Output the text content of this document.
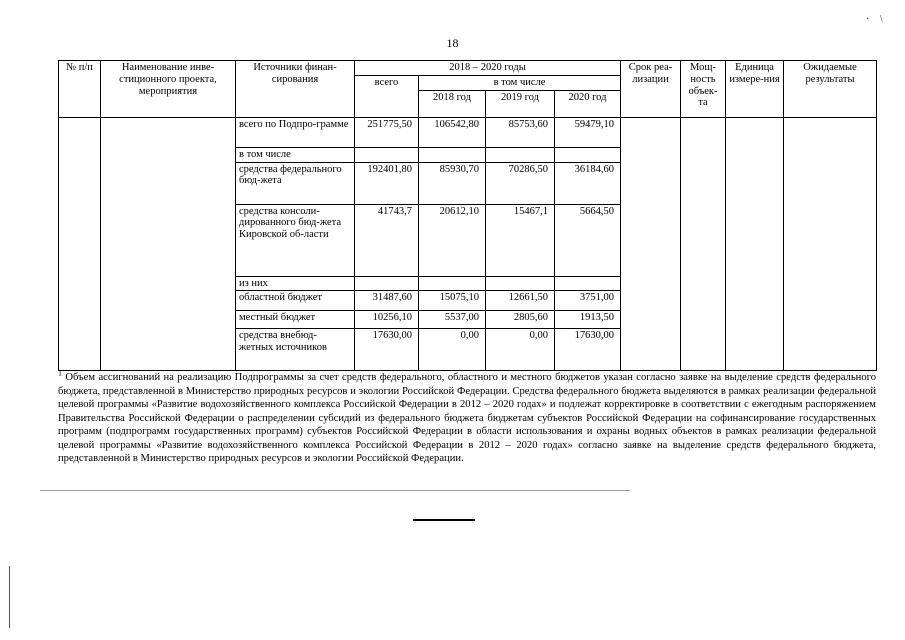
· \
18
№ п/п	Наименование инве-стиционного проекта, мероприятия	Источники финан-сирования	2018 – 2020 годы				Срок реа-лизации	Мощ-ность объек-та	Единица измере-ния	Ожидаемые результаты
			всего	в том числе						
				2018 год	2019 год	2020 год				
		всего по Подпро-грамме	251775,50	106542,80	85753,60	59479,10				
		в том числе								
		средства федерального бюд-жета	192401,80	85930,70	70286,50	36184,60				
		средства консоли-дированного бюд-жета Кировской об-ласти	41743,7	20612,10	15467,1	5664,50				
		из них								
		областной бюджет	31487,60	15075,10	12661,50	3751,00				
		местный бюджет	10256,10	5537,00	2805,60	1913,50				
		средства внебюд-жетных источников	17630,00	0,00	0,00	17630,00				
$^1$ Объем ассигнований на реализацию Подпрограммы за счет средств федерального, областного и местного бюджетов указан согласно заявке на выделение средств федерального бюджета, представленной в Министерство природных ресурсов и экологии Российской Федерации. Средства федерального бюджета выделяются в рамках реализации федеральной целевой программы «Развитие водохозяйственного комплекса Российской Федерации в 2012 – 2020 годах» и подлежат корректировке в соответствии с ежегодным распоряжением Правительства Российской Федерации о распределении субсидий из федерального бюджета бюджетам субъектов Российской Федерации на софинансирование государственных программ (подпрограмм государственных программ) субъектов Российской Федерации в области использования и охраны водных объектов в рамках реализации федеральной целевой программы «Развитие водохозяйственного комплекса Российской Федерации в 2012 – 2020 годах» согласно заявке на выделение средств федерального бюджета, представленной в Министерство природных ресурсов и экологии Российской Федерации.
